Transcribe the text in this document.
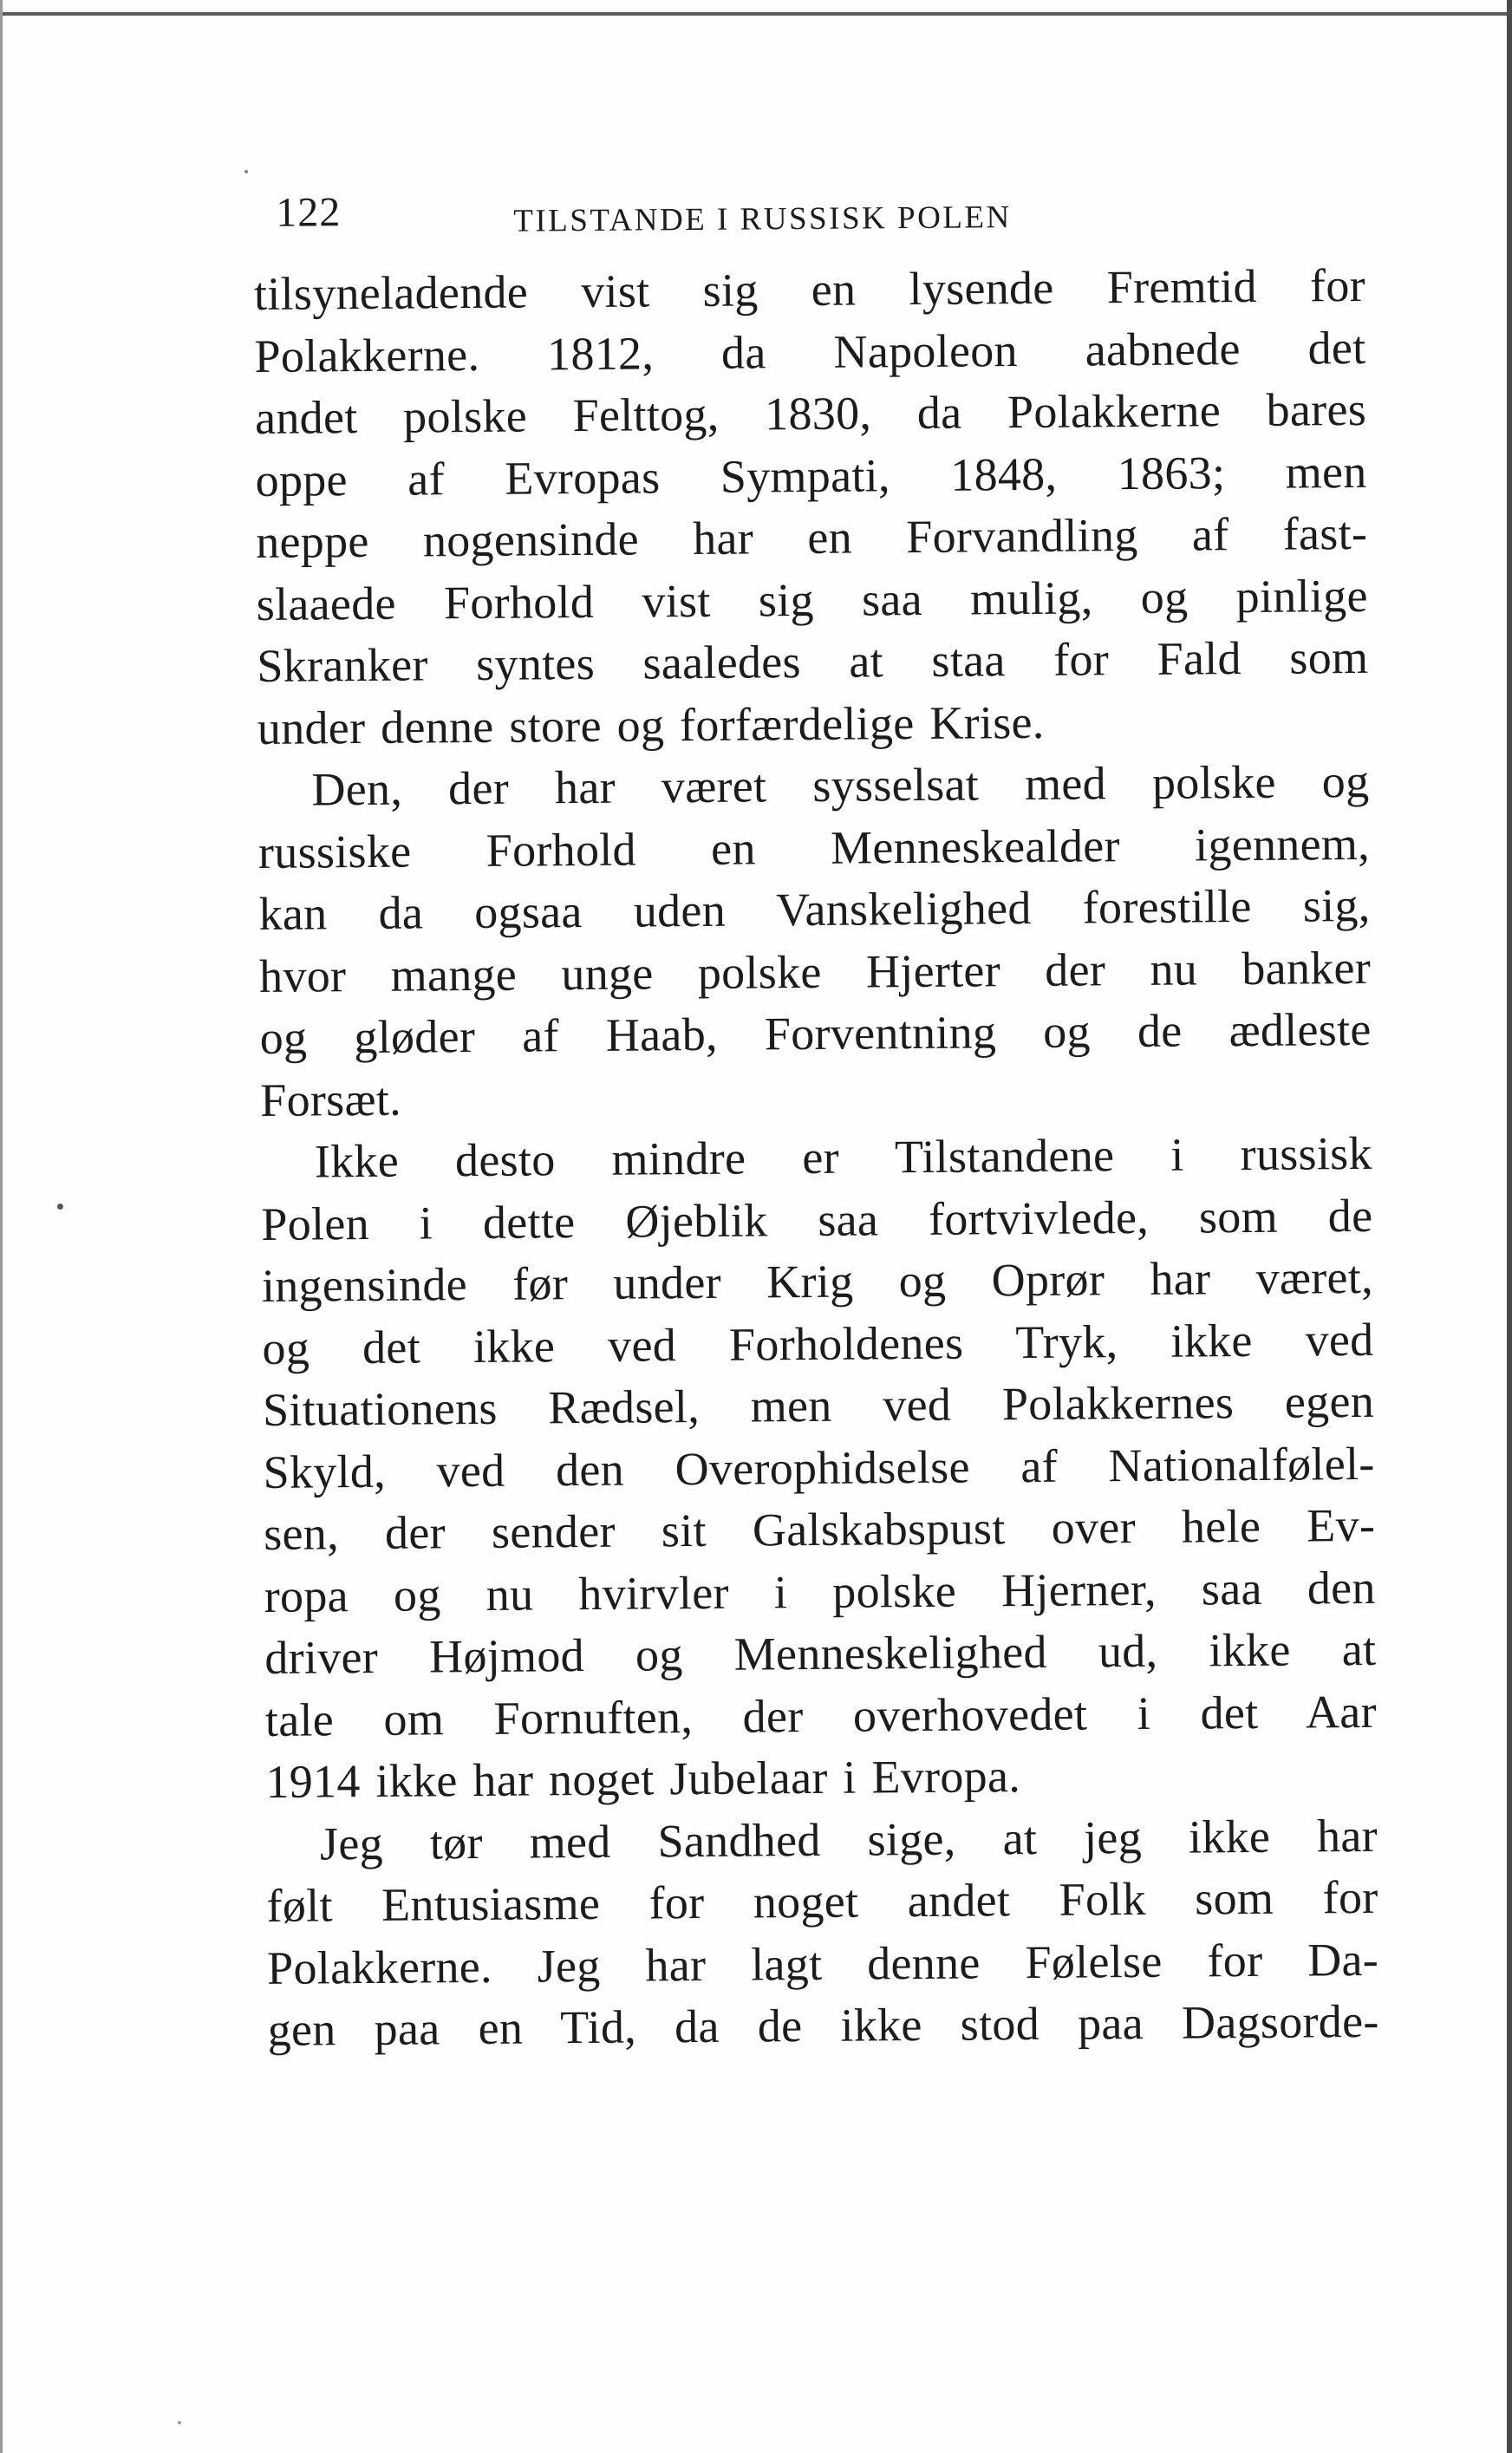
122	TILSTANDE I RUSSISK POLEN

tilsyneladende vist sig en lysende Fremtid for
Polakkerne. 1812, da Napoleon aabnede det
andet polske Felttog, 1830, da Polakkerne bares
oppe af Evropas Sympati, 1848, 1863; men
neppe nogensinde har en Forvandling af fast-
slaaede Forhold vist sig saa mulig, og pinlige
Skranker syntes saaledes at staa for Fald som
under denne store og forfærdelige Krise.

Den, der har været sysselsat med polske og
russiske Forhold en Menneskealder igennem,
kan da ogsaa uden Vanskelighed forestille sig,
hvor mange unge polske Hjerter der nu banker
og gløder af Haab, Forventning og de ædleste
Forsæt.

Ikke desto mindre er Tilstandene i russisk
Polen i dette Øjeblik saa fortvivlede, som de
ingensinde før under Krig og Oprør har været,
og det ikke ved Forholdenes Tryk, ikke ved
Situationens Rædsel, men ved Polakkernes egen
Skyld, ved den Overophidselse af Nationalfølel-
sen, der sender sit Galskabspust over hele Ev-
ropa og nu hvirvler i polske Hjerner, saa den
driver Højmod og Menneskelighed ud, ikke at
tale om Fornuften, der overhovedet i det Aar
1914 ikke har noget Jubelaar i Evropa.

Jeg tør med Sandhed sige, at jeg ikke har
følt Entusiasme for noget andet Folk som for
Polakkerne. Jeg har lagt denne Følelse for Da-
gen paa en Tid, da de ikke stod paa Dagsorde-
